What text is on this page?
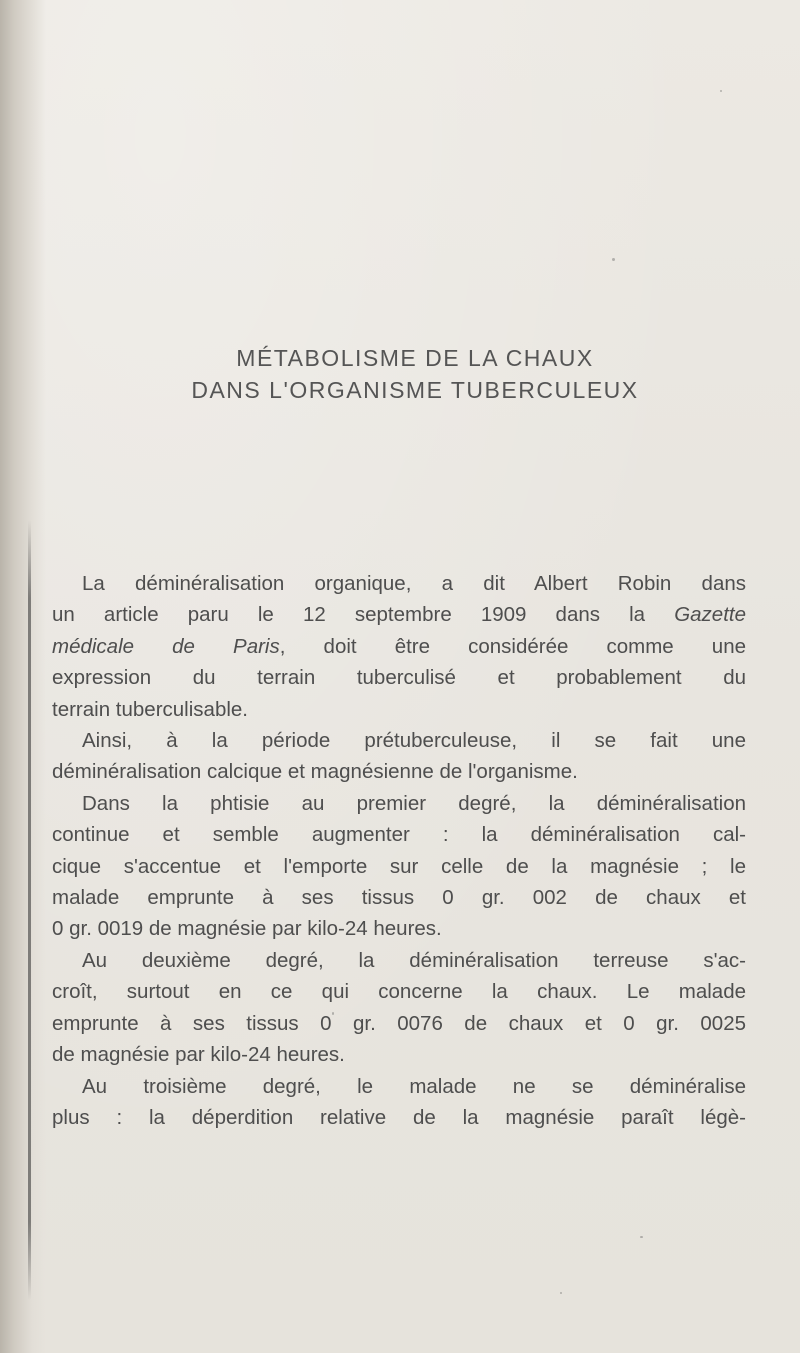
MÉTABOLISME DE LA CHAUX
DANS L'ORGANISME TUBERCULEUX
La déminéralisation organique, a dit Albert Robin dans
un article paru le 12 septembre 1909 dans la Gazette
médicale de Paris, doit être considérée comme une
expression du terrain tuberculisé et probablement du
terrain tuberculisable.
Ainsi, à la période prétuberculeuse, il se fait une
déminéralisation calcique et magnésienne de l'organisme.
Dans la phtisie au premier degré, la déminéralisation
continue et semble augmenter : la déminéralisation cal-
cique s'accentue et l'emporte sur celle de la magnésie ; le
malade emprunte à ses tissus 0 gr. 002 de chaux et
0 gr. 0019 de magnésie par kilo-24 heures.
Au deuxième degré, la déminéralisation terreuse s'ac-
croît, surtout en ce qui concerne la chaux. Le malade
emprunte à ses tissus 0 gr. 0076 de chaux et 0 gr. 0025
de magnésie par kilo-24 heures.
Au troisième degré, le malade ne se déminéralise
plus : la déperdition relative de la magnésie paraît légè-
